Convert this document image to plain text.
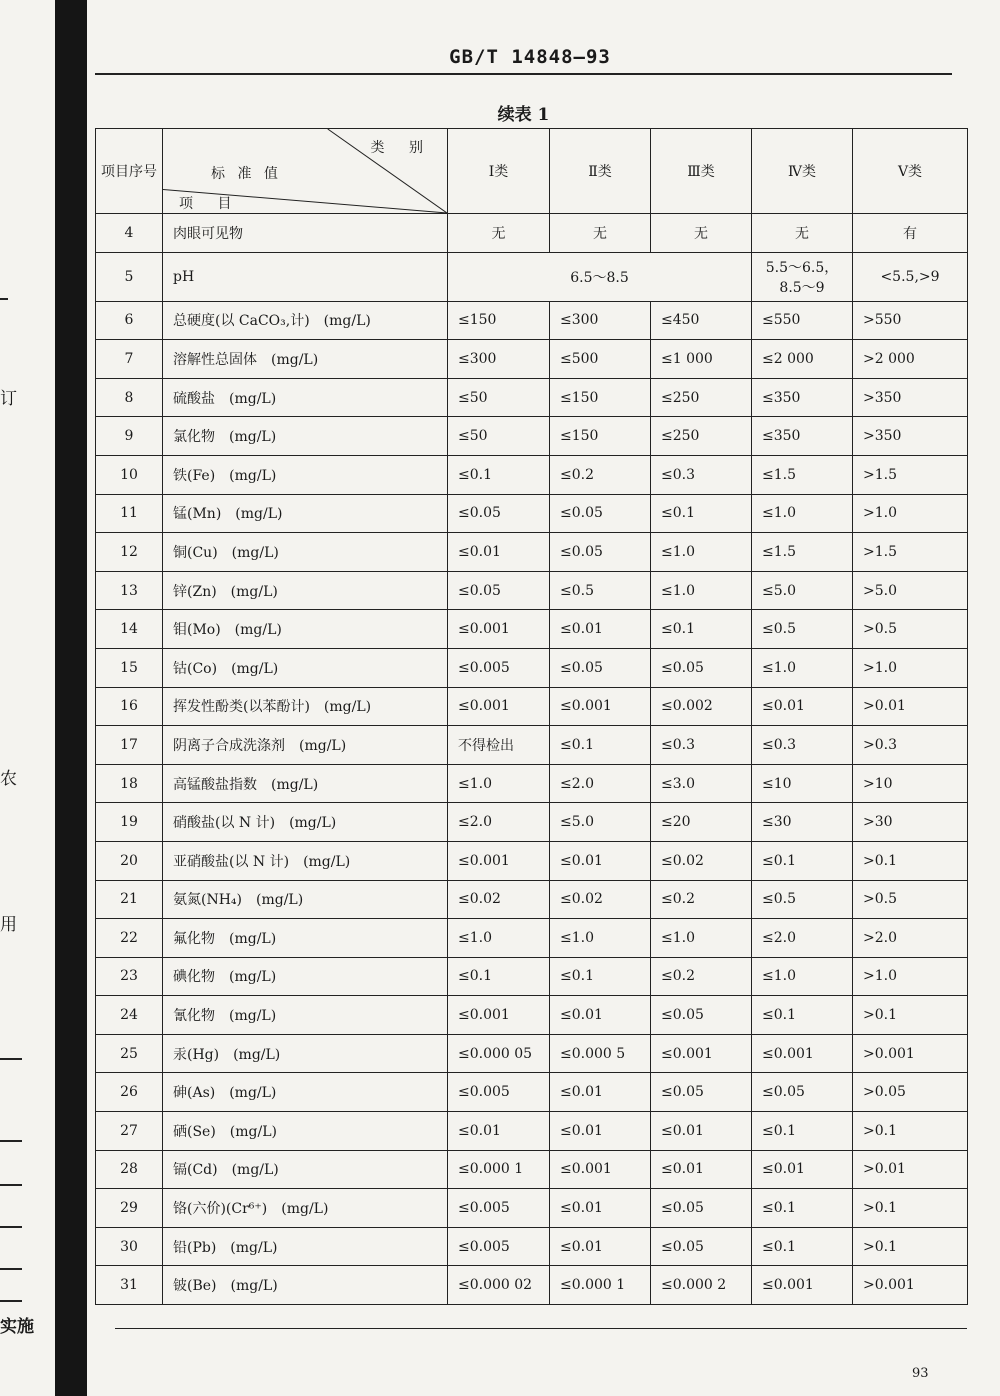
订
农
用
实施
GB/T 14848—93
续表 1
项目序号	类 别
标 准 值
项 目	Ⅰ类	Ⅱ类	Ⅲ类	Ⅳ类	Ⅴ类
4	肉眼可见物	无	无	无	无	有
5	pH	6.5～8.5			5.5～6.5，8.5～9	<5.5,>9
6	总硬度(以 CaCO₃,计)　(mg/L)	≤150	≤300	≤450	≤550	>550
7	溶解性总固体　(mg/L)	≤300	≤500	≤1 000	≤2 000	>2 000
8	硫酸盐　(mg/L)	≤50	≤150	≤250	≤350	>350
9	氯化物　(mg/L)	≤50	≤150	≤250	≤350	>350
10	铁(Fe)　(mg/L)	≤0.1	≤0.2	≤0.3	≤1.5	>1.5
11	锰(Mn)　(mg/L)	≤0.05	≤0.05	≤0.1	≤1.0	>1.0
12	铜(Cu)　(mg/L)	≤0.01	≤0.05	≤1.0	≤1.5	>1.5
13	锌(Zn)　(mg/L)	≤0.05	≤0.5	≤1.0	≤5.0	>5.0
14	钼(Mo)　(mg/L)	≤0.001	≤0.01	≤0.1	≤0.5	>0.5
15	钴(Co)　(mg/L)	≤0.005	≤0.05	≤0.05	≤1.0	>1.0
16	挥发性酚类(以苯酚计)　(mg/L)	≤0.001	≤0.001	≤0.002	≤0.01	>0.01
17	阴离子合成洗涤剂　(mg/L)	不得检出	≤0.1	≤0.3	≤0.3	>0.3
18	高锰酸盐指数　(mg/L)	≤1.0	≤2.0	≤3.0	≤10	>10
19	硝酸盐(以 N 计)　(mg/L)	≤2.0	≤5.0	≤20	≤30	>30
20	亚硝酸盐(以 N 计)　(mg/L)	≤0.001	≤0.01	≤0.02	≤0.1	>0.1
21	氨氮(NH₄)　(mg/L)	≤0.02	≤0.02	≤0.2	≤0.5	>0.5
22	氟化物　(mg/L)	≤1.0	≤1.0	≤1.0	≤2.0	>2.0
23	碘化物　(mg/L)	≤0.1	≤0.1	≤0.2	≤1.0	>1.0
24	氰化物　(mg/L)	≤0.001	≤0.01	≤0.05	≤0.1	>0.1
25	汞(Hg)　(mg/L)	≤0.000 05	≤0.000 5	≤0.001	≤0.001	>0.001
26	砷(As)　(mg/L)	≤0.005	≤0.01	≤0.05	≤0.05	>0.05
27	硒(Se)　(mg/L)	≤0.01	≤0.01	≤0.01	≤0.1	>0.1
28	镉(Cd)　(mg/L)	≤0.000 1	≤0.001	≤0.01	≤0.01	>0.01
29	铬(六价)(Cr⁶⁺)　(mg/L)	≤0.005	≤0.01	≤0.05	≤0.1	>0.1
30	铅(Pb)　(mg/L)	≤0.005	≤0.01	≤0.05	≤0.1	>0.1
31	铍(Be)　(mg/L)	≤0.000 02	≤0.000 1	≤0.000 2	≤0.001	>0.001
93
